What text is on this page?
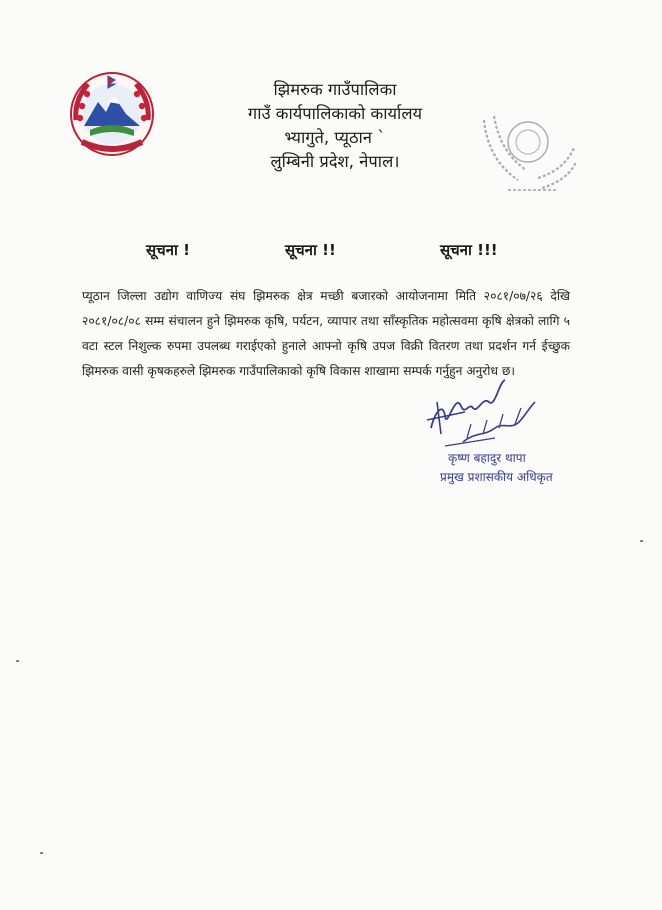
झिमरुक गाउँपालिका
गाउँ कार्यपालिकाको कार्यालय
भ्यागुते, प्यूठान `
लुम्बिनी प्रदेश, नेपाल।
सूचना !	सूचना !!	सूचना !!!

प्यूठान जिल्ला उद्योग वाणिज्य संघ झिमरुक क्षेत्र मच्छी बजारको आयोजनामा मिति २०८१/०७/२६ देखि २०८१/०८/०८ सम्म संचालन हुने झिमरुक कृषि, पर्यटन, व्यापार तथा साँस्कृतिक महोत्सवमा कृषि क्षेत्रको लागि ५ वटा स्टल निशुल्क रुपमा उपलब्ध गराईएको हुनाले आफ्नो कृषि उपज विक्री वितरण तथा प्रदर्शन गर्न ईच्छुक झिमरुक वासी कृषकहरुले झिमरुक गाउँपालिकाको कृषि विकास शाखामा सम्पर्क गर्नुहुन अनुरोध छ।

कृष्ण बहादुर थापा
प्रमुख प्रशासकीय अधिकृत
